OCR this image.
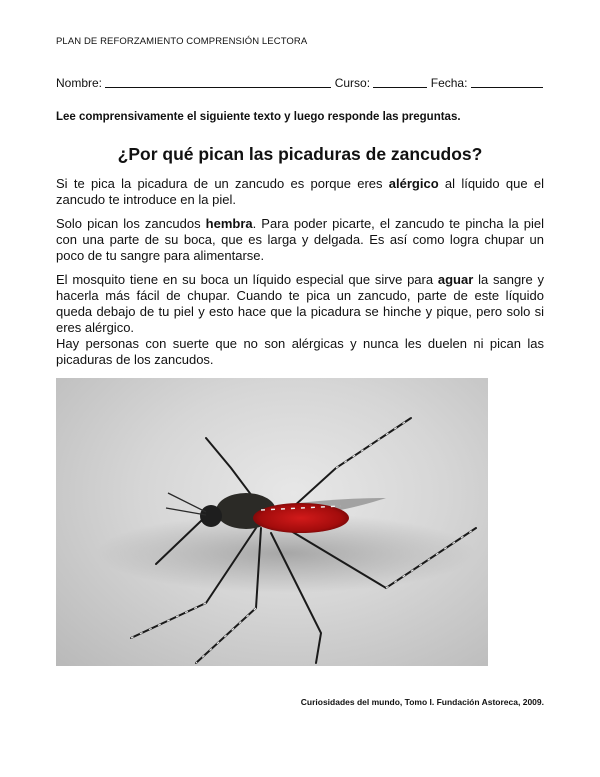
PLAN DE REFORZAMIENTO COMPRENSIÓN LECTORA
Nombre:	Curso:	Fecha:
Lee comprensivamente el siguiente texto y luego responde las preguntas.
¿Por qué pican las picaduras de zancudos?

Si te pica la picadura de un zancudo es porque eres alérgico al líquido que el zancudo te introduce en la piel.

Solo pican los zancudos hembra. Para poder picarte, el zancudo te pincha la piel con una parte de su boca, que es larga y delgada. Es así como logra chupar un poco de tu sangre para alimentarse.

El mosquito tiene en su boca un líquido especial que sirve para aguar la sangre y hacerla más fácil de chupar. Cuando te pica un zancudo, parte de este líquido queda debajo de tu piel y esto hace que la picadura se hinche y pique, pero solo si eres alérgico.

Hay personas con suerte que no son alérgicas y nunca les duelen ni pican las picaduras de los zancudos.

Curiosidades del mundo, Tomo I. Fundación Astoreca, 2009.
